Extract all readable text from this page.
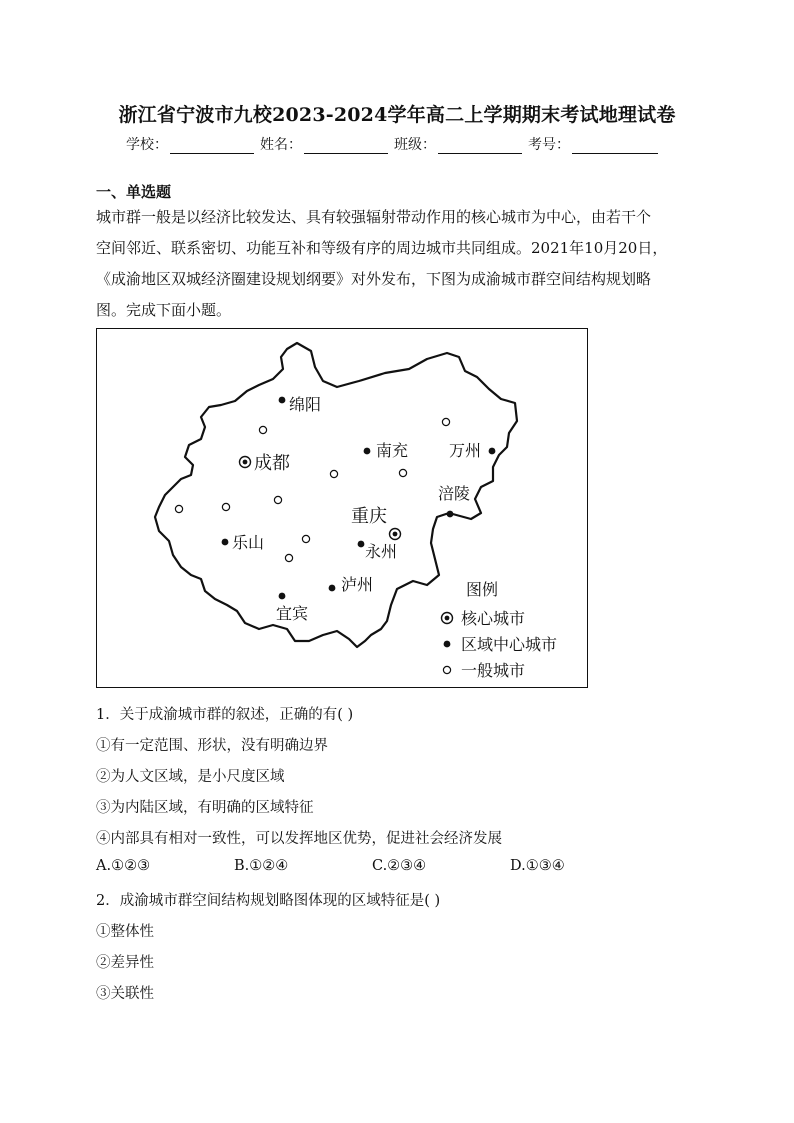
浙江省宁波市九校2023-2024学年高二上学期期末考试地理试卷
学校：	姓名：	班级：	考号：
一、单选题
城市群一般是以经济比较发达、具有较强辐射带动作用的核心城市为中心，由若干个
空间邻近、联系密切、功能互补和等级有序的周边城市共同组成。2021年10月20日，
《成渝地区双城经济圈建设规划纲要》对外发布，下图为成渝城市群空间结构规划略
图。完成下面小题。
绵阳
成都
南充	万州
涪陵
重庆
乐山	永州
泸州
宜宾
图例
核心城市
区域中心城市
一般城市
1．关于成渝城市群的叙述，正确的有( )
①有一定范围、形状，没有明确边界
②为人文区域，是小尺度区域
③为内陆区域，有明确的区域特征
④内部具有相对一致性，可以发挥地区优势，促进社会经济发展
A.①②③	B.①②④	C.②③④	D.①③④
2．成渝城市群空间结构规划略图体现的区域特征是( )
①整体性
②差异性
③关联性
